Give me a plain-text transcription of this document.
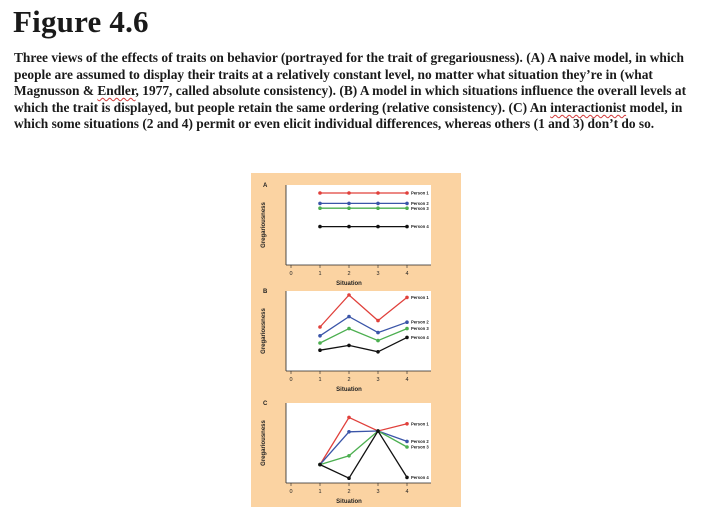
Figure 4.6

Three views of the effects of traits on behavior (portrayed for the trait of gregariousness). (A) A naive model, in which people are assumed to display their traits at a relatively constant level, no matter what situation they’re in (what Magnusson & Endler, 1977, called absolute consistency). (B) A model in which situations influence the overall levels at which the trait is displayed, but people retain the same ordering (relative consistency). (C) An interactionist model, in which some situations (2 and 4) permit or even elicit individual differences, whereas others (1 and 3) don’t do so.

A
0	1	2	3	4
Situation
Gregariousness
Person 1
Person 2
Person 3
Person 4
B
0	1	2	3	4
Situation
Gregariousness
Person 1
Person 2
Person 3
Person 4
C
0	1	2	3	4
Situation
Gregariousness	Person 1
Person 2
Person 3
Person 4
